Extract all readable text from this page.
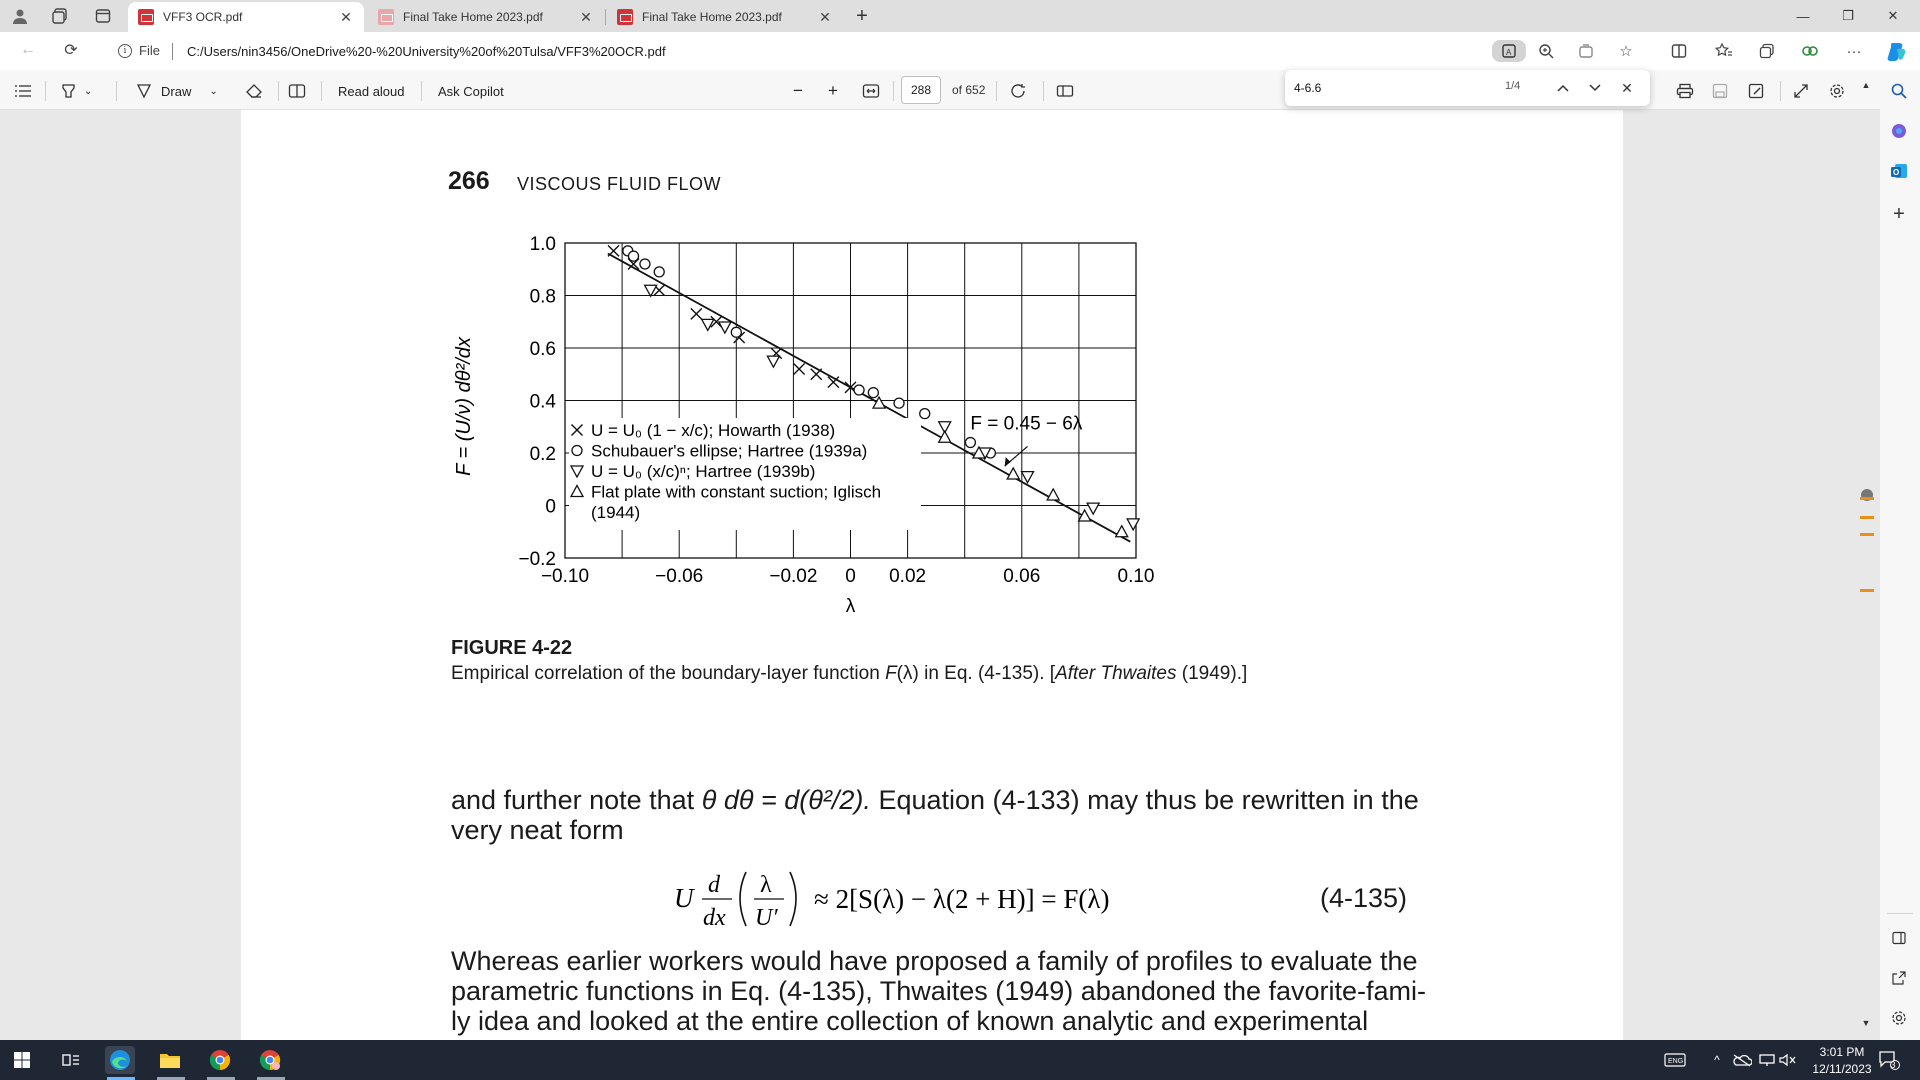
VFF3 OCR.pdf	✕	Final Take Home 2023.pdf	✕	Final Take Home 2023.pdf	✕ +	—	❐	✕
←	⟳	i File C:/Users/nin3456/OneDrive%20-%20University%20of%20Tulsa/VFF3%20OCR.pdf	A	☆	···
⌄	Draw ⌄	Read aloud	Ask Copilot	− +	288	of 652
266 VISCOUS FLUID FLOW
−0.10	−0.06	−0.02 0 0.02	0.06	0.10
1.0
0.8
0.6
0.4
0.2
0
−0.2
U = U₀ (1 − x/c); Howarth (1938)
Schubauer's ellipse; Hartree (1939a)
U = U₀ (x/c)ⁿ; Hartree (1939b)
Flat plate with constant suction; Iglisch
(1944)
λ
F = (U/ν) dθ²/dx	F = 0.45 − 6λ
FIGURE 4-22
Empirical correlation of the boundary-layer function F(λ) in Eq. (4-135). [After Thwaites (1949).]
and further note that θ dθ = d(θ²/2). Equation (4-133) may thus be rewritten in the
very neat form
U d
dx
λ
U′
≈ 2[S(λ) − λ(2 + H)] = F(λ)	(4-135)
Whereas earlier workers would have proposed a family of profiles to evaluate the
parametric functions in Eq. (4-135), Thwaites (1949) abandoned the favorite-fami-
ly idea and looked at the entire collection of known analytic and experimental
4-6.6
1/4	✕	▲
▼
O
+
ENG	^
3:01 PM
12/11/2023	3
